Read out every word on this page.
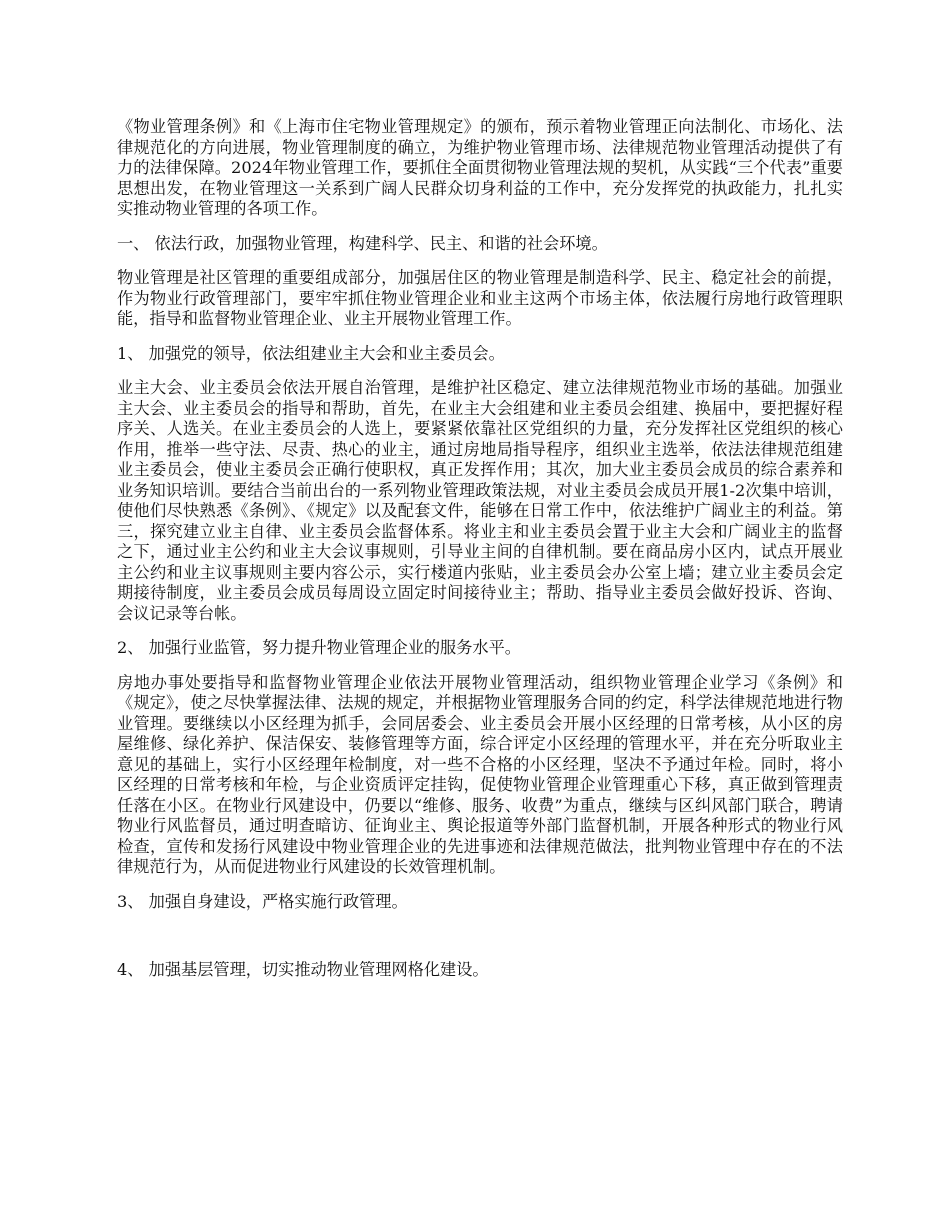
《物业管理条例》和《上海市住宅物业管理规定》的颁布，预示着物业管理正向法制化、市场化、法律规范化的方向进展，物业管理制度的确立，为维护物业管理市场、法律规范物业管理活动提供了有力的法律保障。2024年物业管理工作，要抓住全面贯彻物业管理法规的契机，从实践“三个代表”重要思想出发，在物业管理这一关系到广阔人民群众切身利益的工作中，充分发挥党的执政能力，扎扎实实推动物业管理的各项工作。

一、 依法行政，加强物业管理，构建科学、民主、和谐的社会环境。

物业管理是社区管理的重要组成部分，加强居住区的物业管理是制造科学、民主、稳定社会的前提，作为物业行政管理部门，要牢牢抓住物业管理企业和业主这两个市场主体，依法履行房地行政管理职能，指导和监督物业管理企业、业主开展物业管理工作。

1、 加强党的领导，依法组建业主大会和业主委员会。

业主大会、业主委员会依法开展自治管理，是维护社区稳定、建立法律规范物业市场的基础。加强业主大会、业主委员会的指导和帮助，首先，在业主大会组建和业主委员会组建、换届中，要把握好程序关、人选关。在业主委员会的人选上，要紧紧依靠社区党组织的力量，充分发挥社区党组织的核心作用，推举一些守法、尽责、热心的业主，通过房地局指导程序，组织业主选举，依法法律规范组建业主委员会，使业主委员会正确行使职权，真正发挥作用；其次，加大业主委员会成员的综合素养和业务知识培训。要结合当前出台的一系列物业管理政策法规，对业主委员会成员开展1-2次集中培训，使他们尽快熟悉《条例》、《规定》以及配套文件，能够在日常工作中，依法维护广阔业主的利益。第三，探究建立业主自律、业主委员会监督体系。将业主和业主委员会置于业主大会和广阔业主的监督之下，通过业主公约和业主大会议事规则，引导业主间的自律机制。要在商品房小区内，试点开展业主公约和业主议事规则主要内容公示，实行楼道内张贴，业主委员会办公室上墙；建立业主委员会定期接待制度，业主委员会成员每周设立固定时间接待业主；帮助、指导业主委员会做好投诉、咨询、会议记录等台帐。

2、 加强行业监管，努力提升物业管理企业的服务水平。

房地办事处要指导和监督物业管理企业依法开展物业管理活动，组织物业管理企业学习《条例》和《规定》，使之尽快掌握法律、法规的规定，并根据物业管理服务合同的约定，科学法律规范地进行物业管理。要继续以小区经理为抓手，会同居委会、业主委员会开展小区经理的日常考核，从小区的房屋维修、绿化养护、保洁保安、装修管理等方面，综合评定小区经理的管理水平，并在充分听取业主意见的基础上，实行小区经理年检制度，对一些不合格的小区经理，坚决不予通过年检。同时，将小区经理的日常考核和年检，与企业资质评定挂钩，促使物业管理企业管理重心下移，真正做到管理责任落在小区。在物业行风建设中，仍要以“维修、服务、收费”为重点，继续与区纠风部门联合，聘请物业行风监督员，通过明查暗访、征询业主、舆论报道等外部门监督机制，开展各种形式的物业行风检查，宣传和发扬行风建设中物业管理企业的先进事迹和法律规范做法，批判物业管理中存在的不法律规范行为，从而促进物业行风建设的长效管理机制。

3、 加强自身建设，严格实施行政管理。

4、 加强基层管理，切实推动物业管理网格化建设。
